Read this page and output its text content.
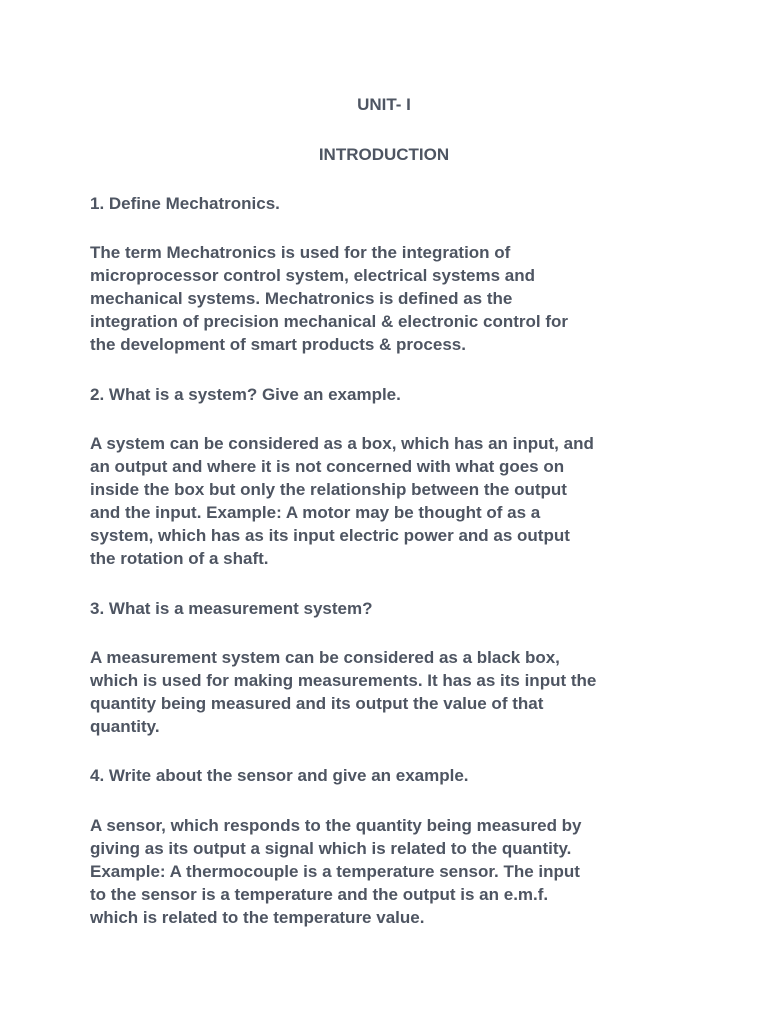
UNIT- I
INTRODUCTION

1. Define Mechatronics.

The term Mechatronics is used for the integration of
microprocessor control system, electrical systems and
mechanical systems. Mechatronics is defined as the
integration of precision mechanical & electronic control for
the development of smart products & process.

2. What is a system? Give an example.

A system can be considered as a box, which has an input, and
an output and where it is not concerned with what goes on
inside the box but only the relationship between the output
and the input. Example: A motor may be thought of as a
system, which has as its input electric power and as output
the rotation of a shaft.

3. What is a measurement system?

A measurement system can be considered as a black box,
which is used for making measurements. It has as its input the
quantity being measured and its output the value of that
quantity.

4. Write about the sensor and give an example.

A sensor, which responds to the quantity being measured by
giving as its output a signal which is related to the quantity.
Example: A thermocouple is a temperature sensor. The input
to the sensor is a temperature and the output is an e.m.f.
which is related to the temperature value.
